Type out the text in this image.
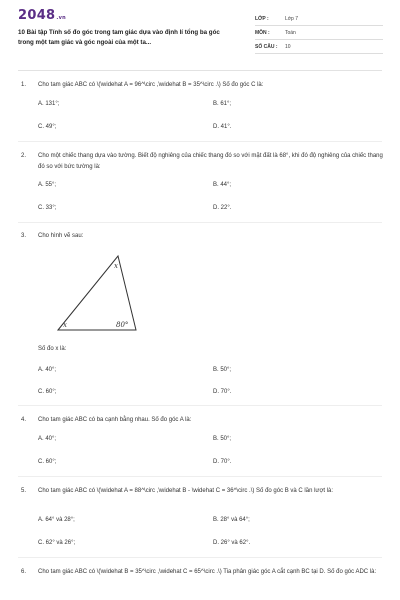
2048.vn
10 Bài tập Tính số đo góc trong tam giác dựa vào định lí tổng ba góc trong một tam giác và góc ngoài của một ta...
LỚP :	Lớp 7
MÔN :	Toán
SỐ CÂU : 10
1. Cho tam giác ABC có \(\widehat A = 96^\circ ,\widehat B = 35^\circ .\) Số đo góc C là:
A. 131°;	B. 61°;
C. 49°;	D. 41°.
2. Cho một chiếc thang dựa vào tường. Biết độ nghiêng của chiếc thang đó so với mặt đất là 68°, khi đó độ nghiêng của chiếc thang đó so với bức tường là:
A. 55°;	B. 44°;
C. 33°;	D. 22°.
3. Cho hình vẽ sau:
x
x	80°
Số đo x là:
A. 40°;	B. 50°;
C. 60°;	D. 70°.
4. Cho tam giác ABC có ba cạnh bằng nhau. Số đo góc A là:
A. 40°;	B. 50°;
C. 60°;	D. 70°.
5. Cho tam giác ABC có \(\widehat A = 88^\circ ,\widehat B - \widehat C = 36^\circ .\) Số đo góc B và C lần lượt là:
A. 64° và 28°;	B. 28° và 64°;
C. 62° và 26°;	D. 26° và 62°.
6. Cho tam giác ABC có \(\widehat B = 35^\circ ,\widehat C = 65^\circ .\) Tia phân giác góc A cắt cạnh BC tại D. Số đo góc ADC là:
